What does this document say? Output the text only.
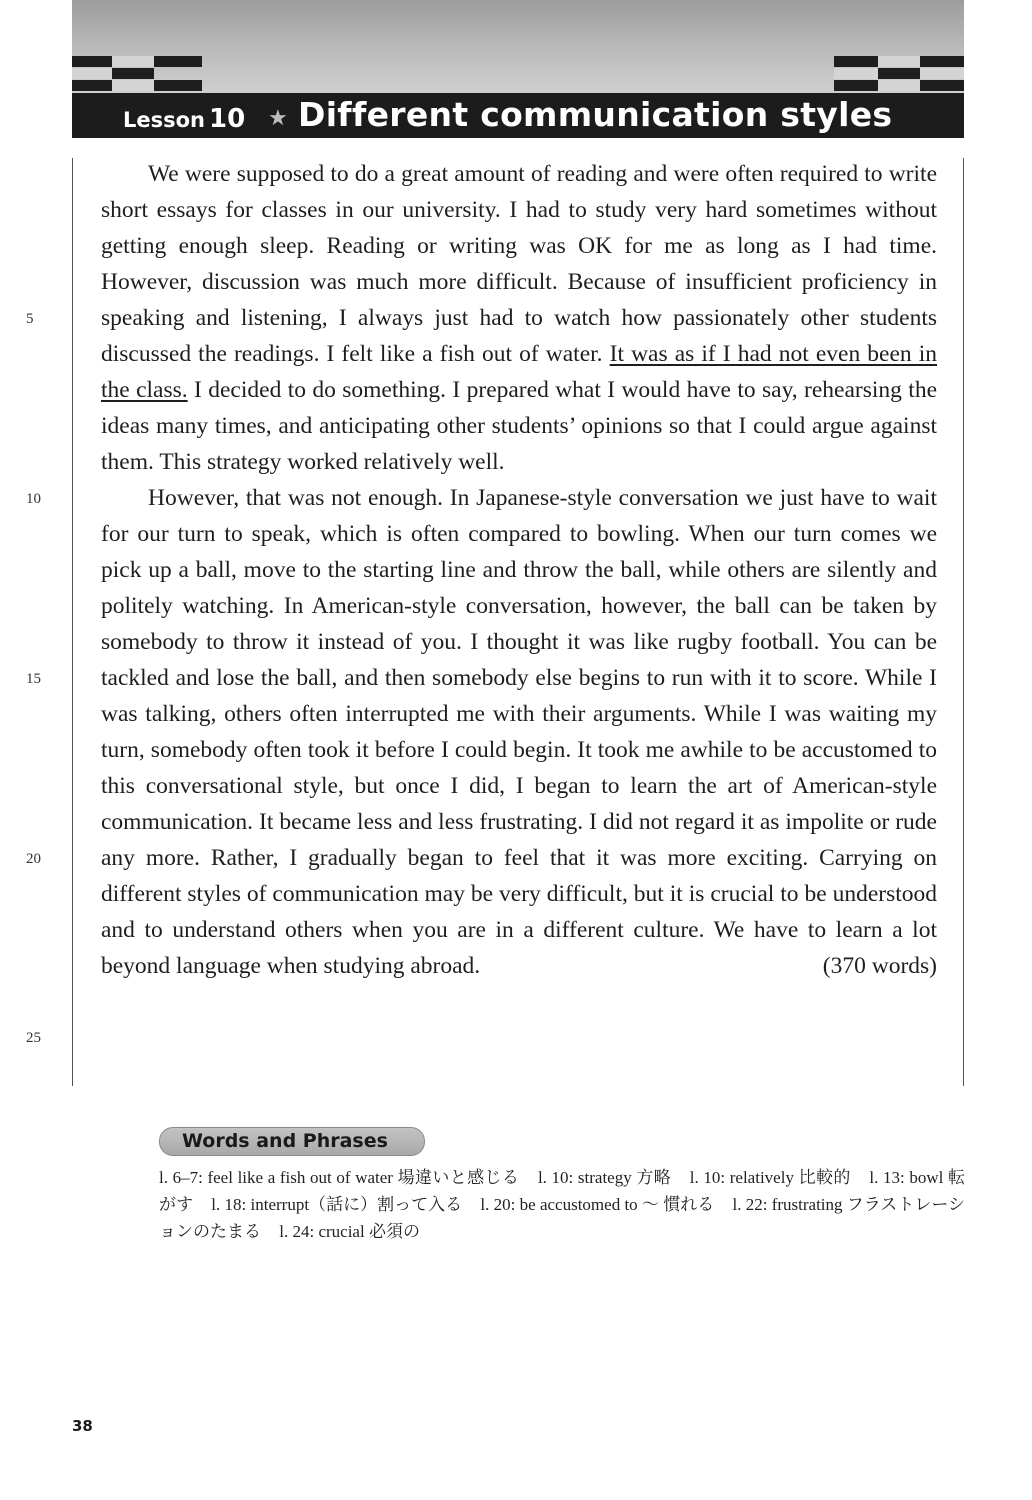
Lesson 10 ★ Different communication styles
5
10
15
20
25

We were supposed to do a great amount of reading and were often required to write short essays for classes in our university. I had to study very hard sometimes without getting enough sleep. Reading or writing was OK for me as long as I had time. However, discussion was much more difficult. Because of insufficient proficiency in speaking and listening, I always just had to watch how passionately other students discussed the readings. I felt like a fish out of water. It was as if I had not even been in the class. I decided to do something. I prepared what I would have to say, rehearsing the ideas many times, and anticipating other students’ opinions so that I could argue against them. This strategy worked relatively well.

However, that was not enough. In Japanese-style conversation we just have to wait for our turn to speak, which is often compared to bowling. When our turn comes we pick up a ball, move to the starting line and throw the ball, while others are silently and politely watching. In American-style conversation, however, the ball can be taken by somebody to throw it instead of you. I thought it was like rugby football. You can be tackled and lose the ball, and then somebody else begins to run with it to score. While I was talking, others often interrupted me with their arguments. While I was waiting my turn, somebody often took it before I could begin. It took me awhile to be accustomed to this conversational style, but once I did, I began to learn the art of American-style communication. It became less and less frustrating. I did not regard it as impolite or rude any more. Rather, I gradually began to feel that it was more exciting. Carrying on different styles of communication may be very difficult, but it is crucial to be understood and to understand others when you are in a different culture. We have to learn a lot beyond language when studying abroad.	(370 words)

Words and Phrases
l. 6–7: feel like a fish out of water 場違いと感じる l. 10: strategy 方略 l. 10: relatively 比較的 l. 13: bowl 転がす l. 18: interrupt（話に）割って入る l. 20: be accustomed to ～ 慣れる l. 22: frustrating フラストレーションのたまる l. 24: crucial 必須の
38
